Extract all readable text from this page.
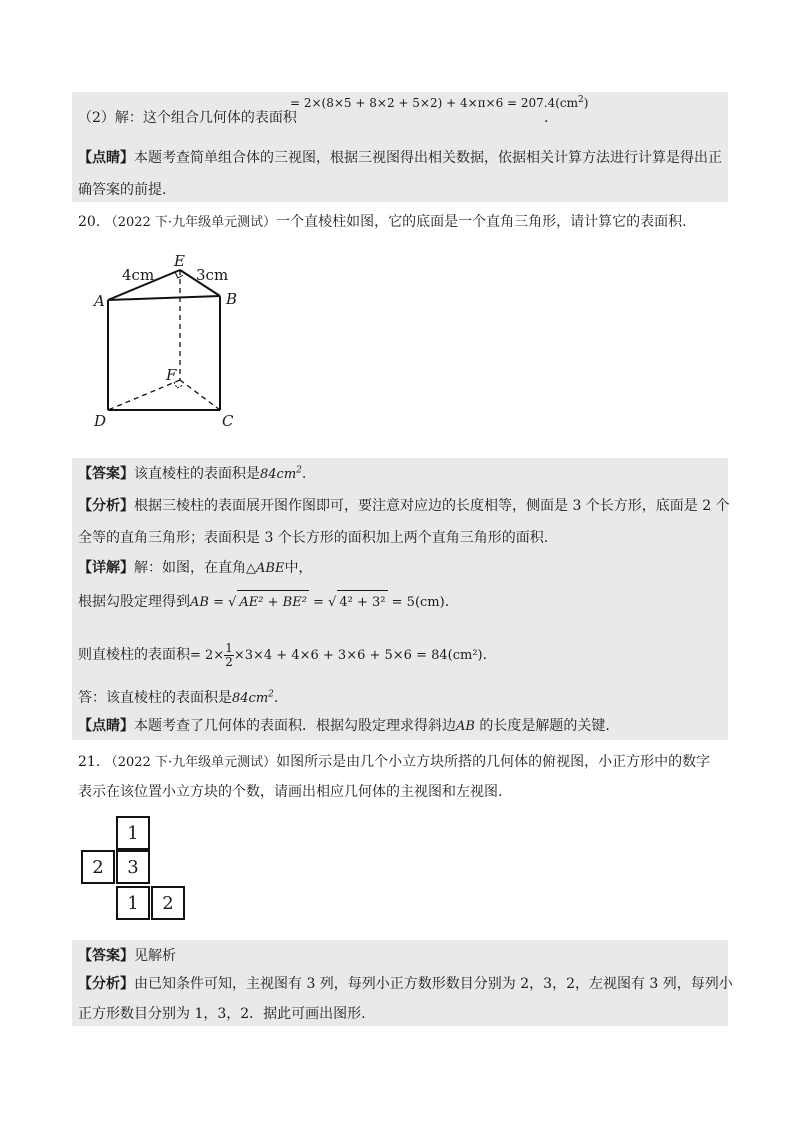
（2）解：这个组合几何体的表面积
= $2\times(8\times 5 + 8\times 2 + 5\times 2) + 4\times\pi\times 6 = 207.4(cm^2)$
.
【点睛】本题考查简单组合体的三视图，根据三视图得出相关数据，依据相关计算方法进行计算是得出正
确答案的前提.
20. （2022 下·九年级单元测试）一个直棱柱如图，它的底面是一个直角三角形，请计算它的表面积.
E
4cm	3cm
A	B
F
D	C
【答案】该直棱柱的表面积是$84cm^2$.
【分析】根据三棱柱的表面展开图作图即可，要注意对应边的长度相等，侧面是 3 个长方形，底面是 2 个
全等的直角三角形；表面积是 3 个长方形的面积加上两个直角三角形的面积.
【详解】解：如图，在直角△ABE中，
根据勾股定理得到AB = √ AE² + BE² = √ 4² + 3² = 5(cm).
则直棱柱的表面积= $2\times \frac{1}{2} \times 3\times 4 + 4\times 6 + 3\times 6 + 5\times 6 = 84(cm^2)$.
答：该直棱柱的表面积是$84cm^2$.
【点睛】本题考查了几何体的表面积．根据勾股定理求得斜边AB 的长度是解题的关键.
21. （2022 下·九年级单元测试）如图所示是由几个小立方块所搭的几何体的俯视图，小正方形中的数字
表示在该位置小立方块的个数，请画出相应几何体的主视图和左视图.
1
2	3
1	2
【答案】见解析
【分析】由已知条件可知，主视图有 3 列，每列小正方数形数目分别为 2，3，2，左视图有 3 列，每列小
正方形数目分别为 1，3，2．据此可画出图形.
